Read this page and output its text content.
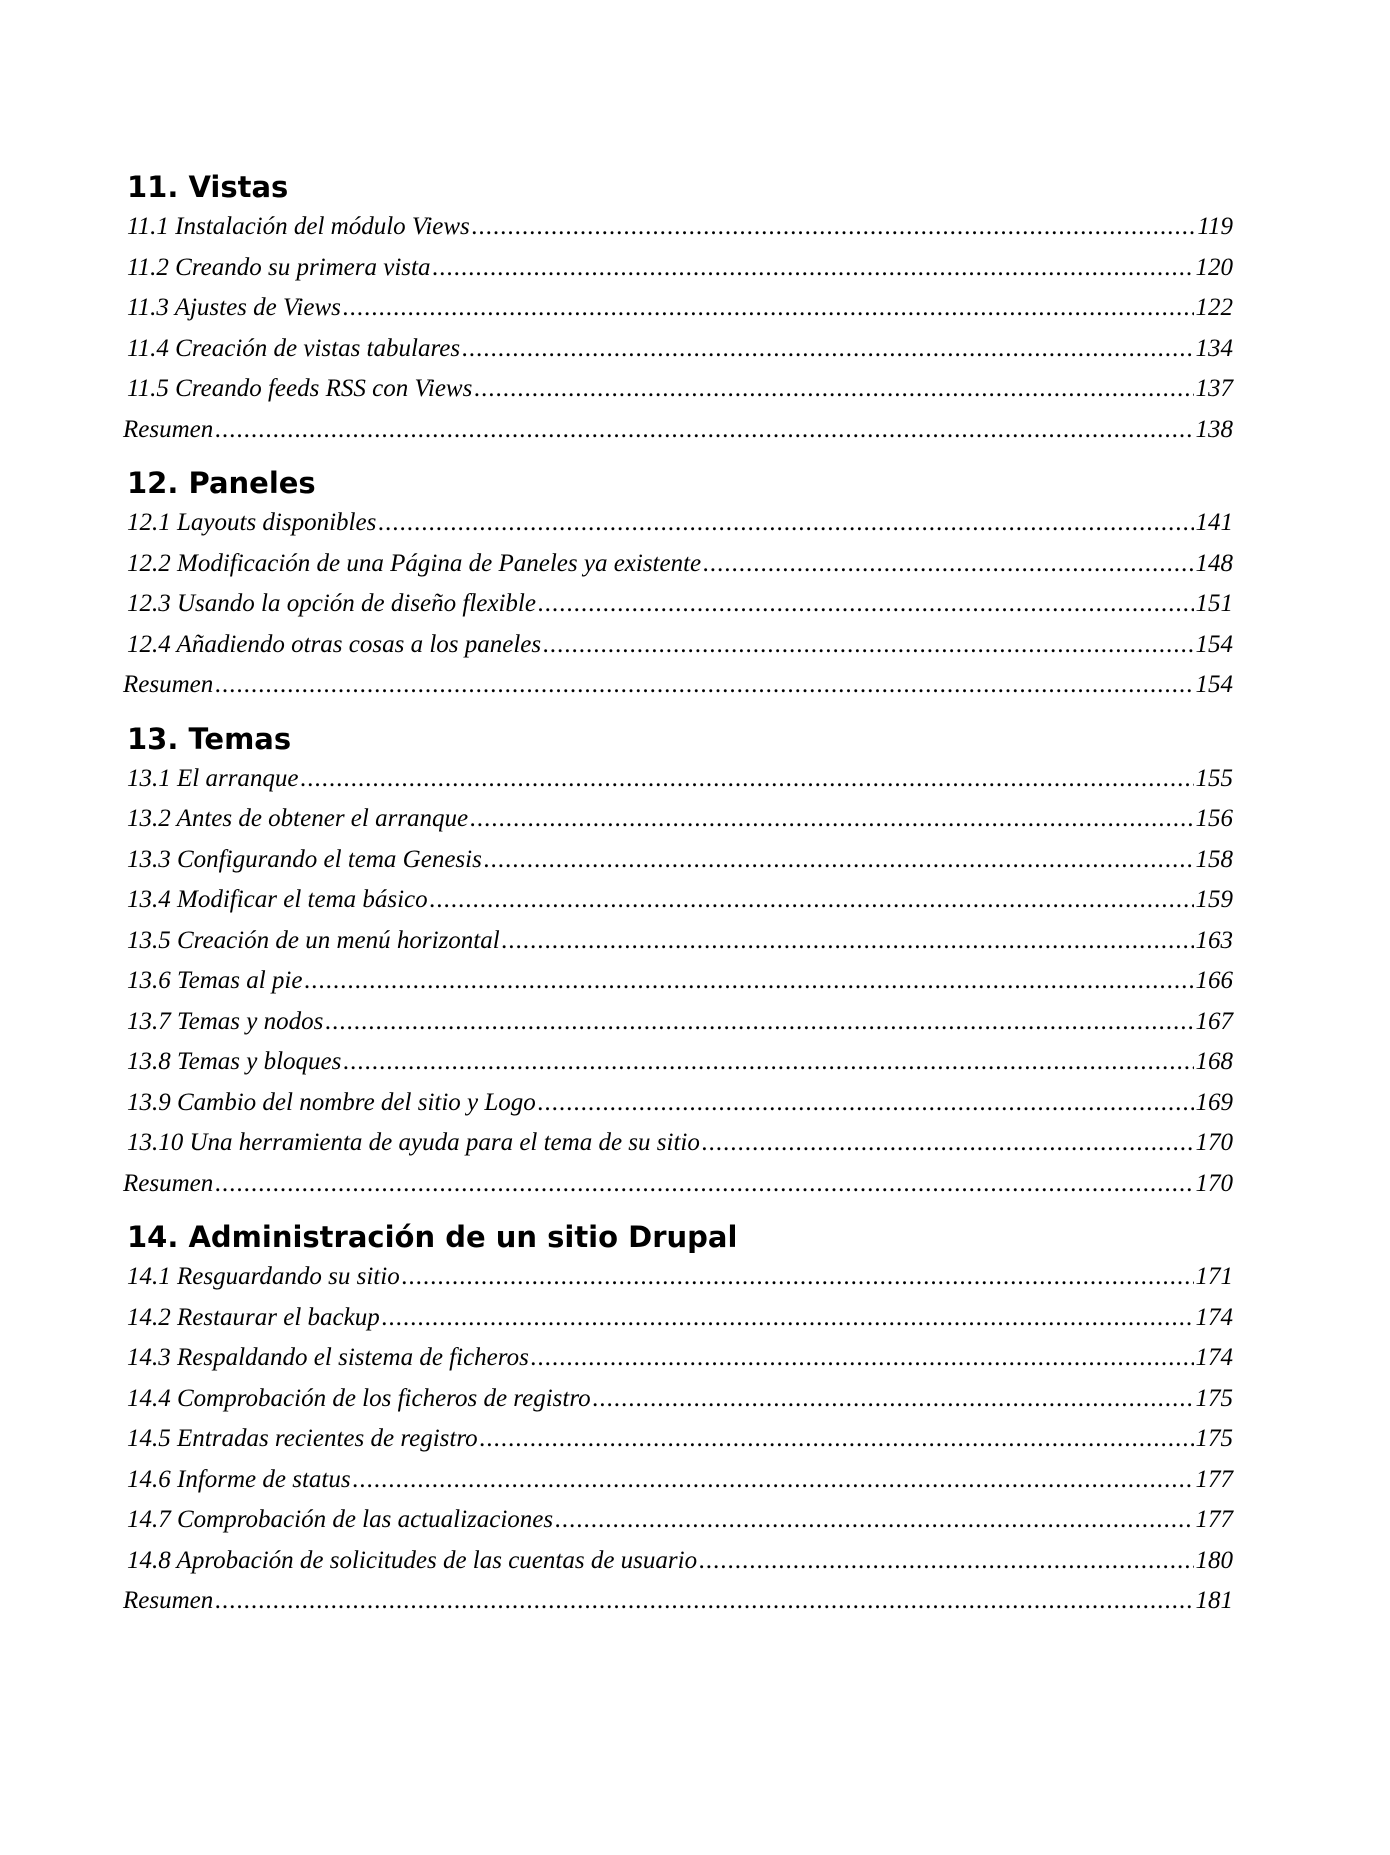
11. Vistas
11.1 Instalación del módulo Views .....	119
11.2 Creando su primera vista .....	120
11.3 Ajustes de Views .....	122
11.4 Creación de vistas tabulares .....	134
11.5 Creando feeds RSS con Views .....	137
Resumen .....	138
12. Paneles
12.1 Layouts disponibles .....	141
12.2 Modificación de una Página de Paneles ya existente .....	148
12.3 Usando la opción de diseño flexible .....	151
12.4 Añadiendo otras cosas a los paneles .....	154
Resumen .....	154
13. Temas
13.1 El arranque .....	155
13.2 Antes de obtener el arranque .....	156
13.3 Configurando el tema Genesis .....	158
13.4 Modificar el tema básico .....	159
13.5 Creación de un menú horizontal .....	163
13.6 Temas al pie .....	166
13.7 Temas y nodos .....	167
13.8 Temas y bloques .....	168
13.9 Cambio del nombre del sitio y Logo .....	169
13.10 Una herramienta de ayuda para el tema de su sitio .....	170
Resumen .....	170
14. Administración de un sitio Drupal
14.1 Resguardando su sitio .....	171
14.2 Restaurar el backup .....	174
14.3 Respaldando el sistema de ficheros .....	174
14.4 Comprobación de los ficheros de registro .....	175
14.5 Entradas recientes de registro .....	175
14.6 Informe de status .....	177
14.7 Comprobación de las actualizaciones .....	177
14.8 Aprobación de solicitudes de las cuentas de usuario .....	180
Resumen .....	181
